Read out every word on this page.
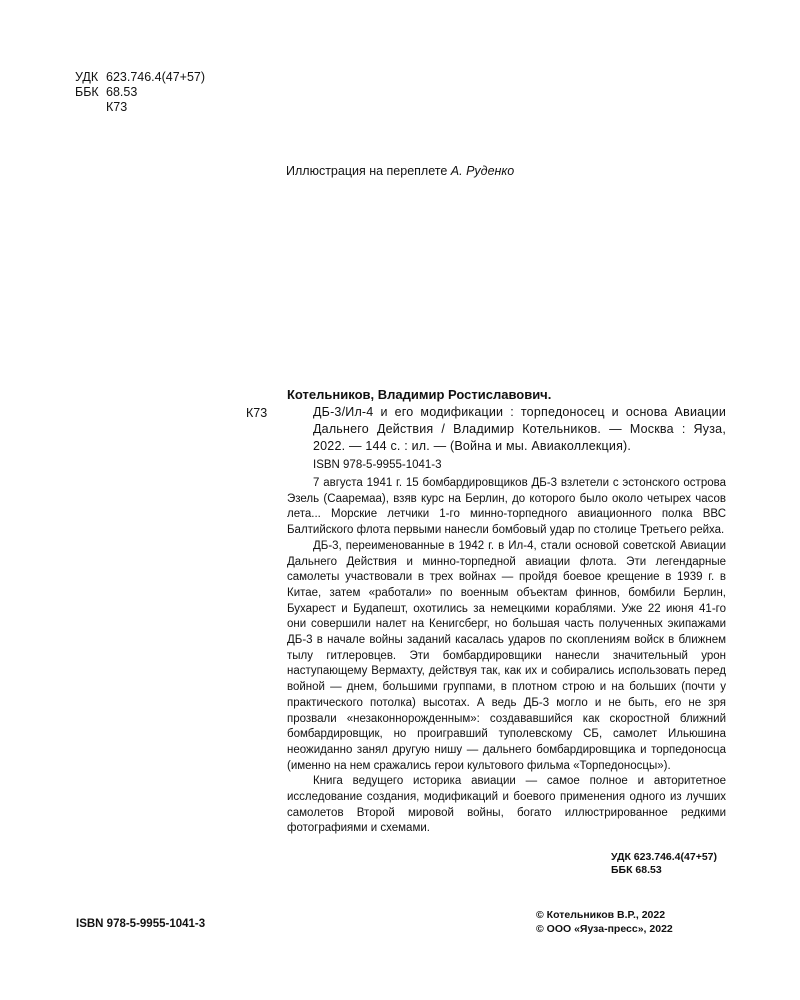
УДК 623.746.4(47+57)
ББК 68.53
К73
Иллюстрация на переплете А. Руденко
Котельников, Владимир Ростиславович.
К73	ДБ-3/Ил-4 и его модификации : торпедоносец и основа Авиации Дальнего Действия / Владимир Котельников. — Москва : Яуза, 2022. — 144 с. : ил. — (Война и мы. Авиаколлекция).
ISBN 978-5-9955-1041-3

7 августа 1941 г. 15 бомбардировщиков ДБ-3 взлетели с эстонского острова Эзель (Сааремаа), взяв курс на Берлин, до которого было около четырех часов лета... Морские летчики 1-го минно-торпедного авиационного полка ВВС Балтийского флота первыми нанесли бомбовый удар по столице Третьего рейха.

ДБ-3, переименованные в 1942 г. в Ил-4, стали основой советской Авиации Дальнего Действия и минно-торпедной авиации флота. Эти легендарные самолеты участвовали в трех войнах — пройдя боевое крещение в 1939 г. в Китае, затем «работали» по военным объектам финнов, бомбили Берлин, Бухарест и Будапешт, охотились за немецкими кораблями. Уже 22 июня 41-го они совершили налет на Кенигсберг, но большая часть полученных экипажами ДБ-3 в начале войны заданий касалась ударов по скоплениям войск в ближнем тылу гитлеровцев. Эти бомбардировщики нанесли значительный урон наступающему Вермахту, действуя так, как их и собирались использовать перед войной — днем, большими группами, в плотном строю и на больших (почти у практического потолка) высотах. А ведь ДБ-3 могло и не быть, его не зря прозвали «незаконнорожденным»: создававшийся как скоростной ближний бомбардировщик, но проигравший туполевскому СБ, самолет Ильюшина неожиданно занял другую нишу — дальнего бомбардировщика и торпедоносца (именно на нем сражались герои культового фильма «Торпедоносцы»).

Книга ведущего историка авиации — самое полное и авторитетное исследование создания, модификаций и боевого применения одного из лучших самолетов Второй мировой войны, богато иллюстрированное редкими фотографиями и схемами.

УДК 623.746.4(47+57)
ББК 68.53
ISBN 978-5-9955-1041-3
© Котельников В.Р., 2022
© ООО «Яуза-пресс», 2022
